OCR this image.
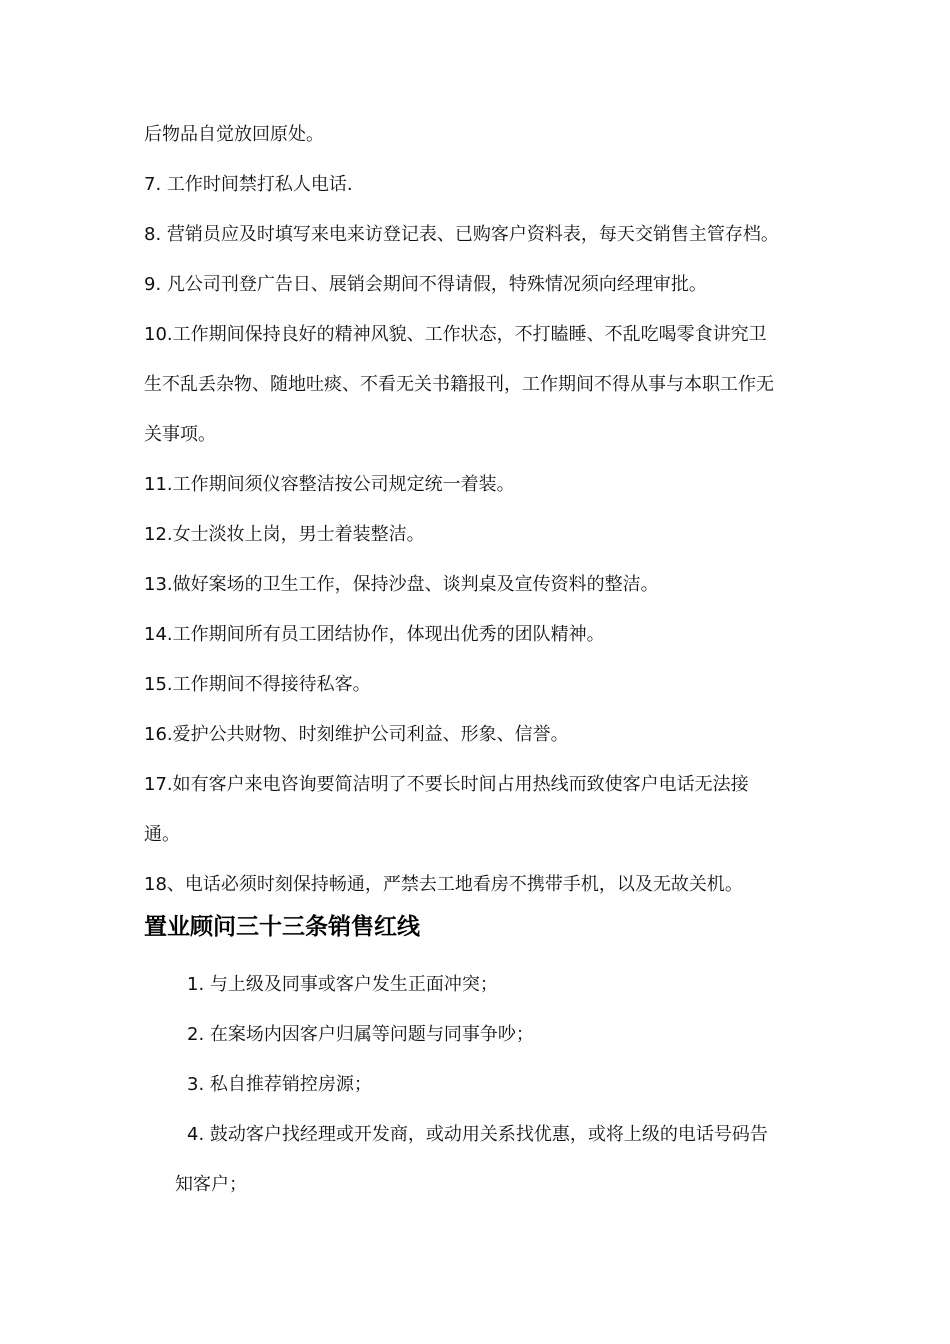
后物品自觉放回原处。
7. 工作时间禁打私人电话.
8. 营销员应及时填写来电来访登记表、已购客户资料表，每天交销售主管存档。
9. 凡公司刊登广告日、展销会期间不得请假，特殊情况须向经理审批。
10.工作期间保持良好的精神风貌、工作状态，不打瞌睡、不乱吃喝零食讲究卫
生不乱丢杂物、随地吐痰、不看无关书籍报刊，工作期间不得从事与本职工作无
关事项。
11.工作期间须仪容整洁按公司规定统一着装。
12.女士淡妆上岗，男士着装整洁。
13.做好案场的卫生工作，保持沙盘、谈判桌及宣传资料的整洁。
14.工作期间所有员工团结协作，体现出优秀的团队精神。
15.工作期间不得接待私客。
16.爱护公共财物、时刻维护公司利益、形象、信誉。
17.如有客户来电咨询要简洁明了不要长时间占用热线而致使客户电话无法接
通。
18、电话必须时刻保持畅通，严禁去工地看房不携带手机，以及无故关机。
置业顾问三十三条销售红线
1. 与上级及同事或客户发生正面冲突；
2. 在案场内因客户归属等问题与同事争吵；
3. 私自推荐销控房源；
4. 鼓动客户找经理或开发商，或动用关系找优惠，或将上级的电话号码告
知客户；
